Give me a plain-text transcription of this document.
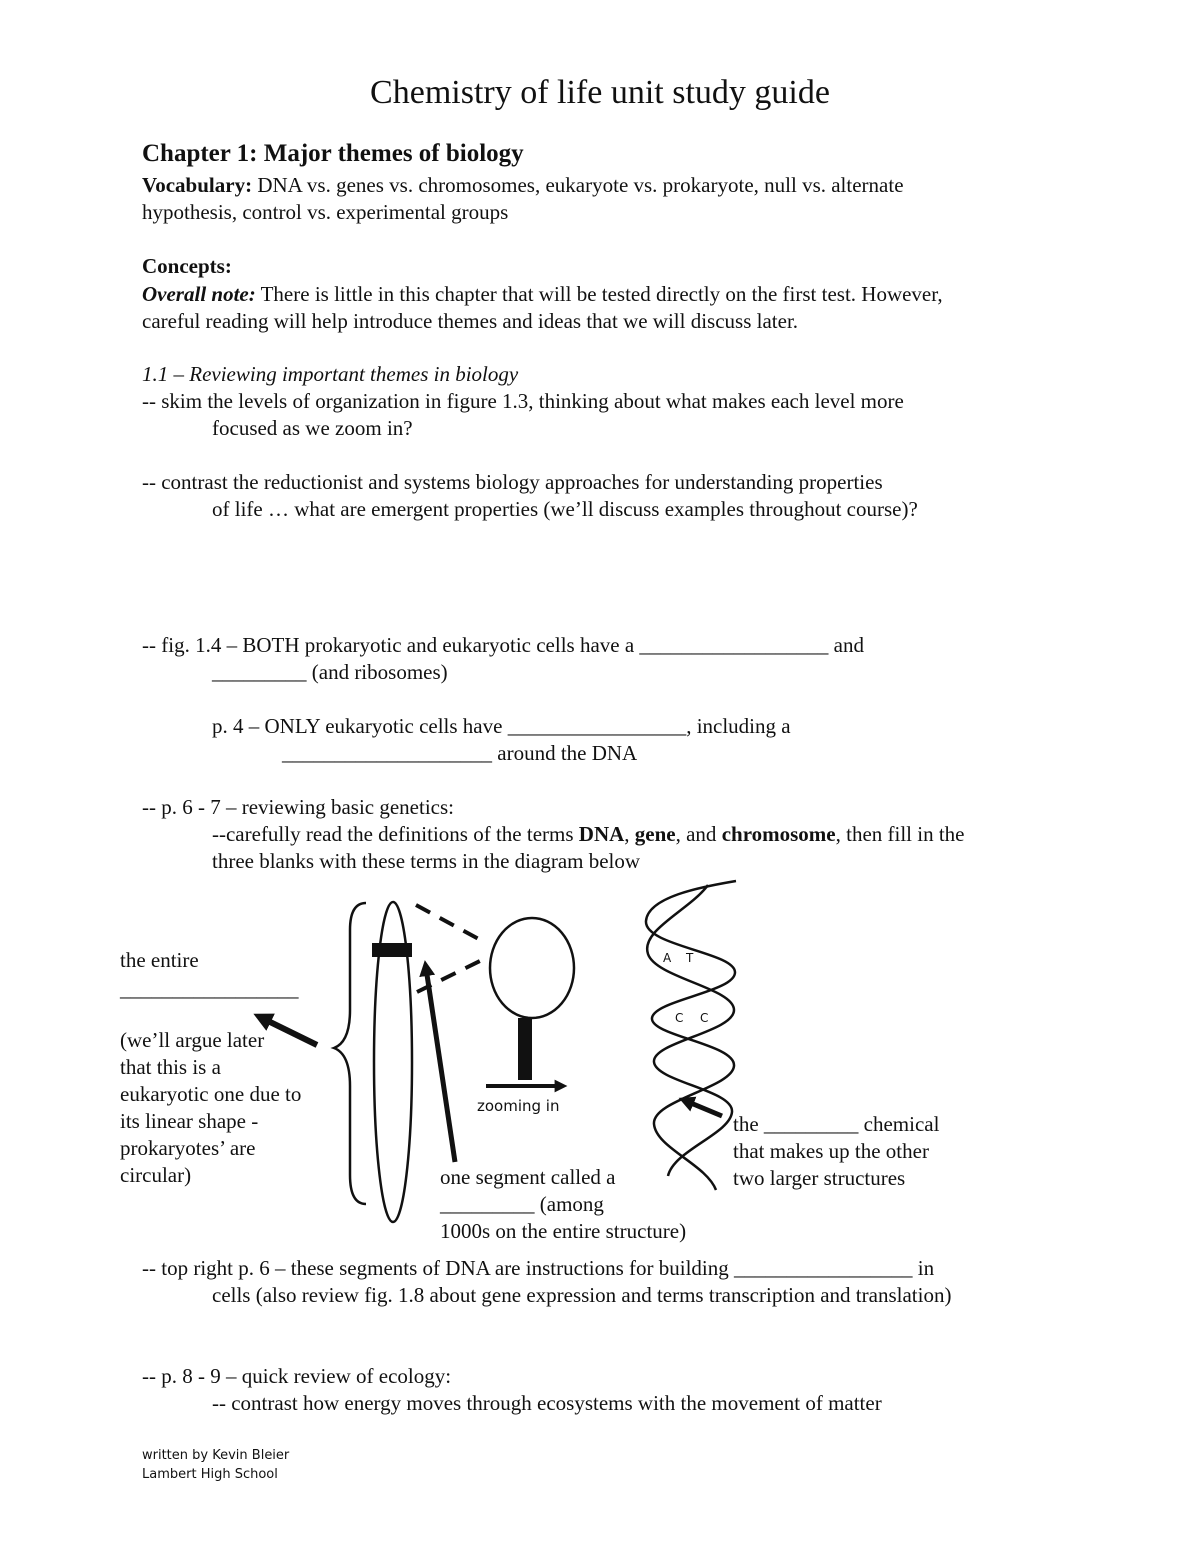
Chemistry of life unit study guide
Chapter 1: Major themes of biology
Vocabulary: DNA vs. genes vs. chromosomes, eukaryote vs. prokaryote, null vs. alternate
hypothesis, control vs. experimental groups
Concepts:
Overall note: There is little in this chapter that will be tested directly on the first test. However,
careful reading will help introduce themes and ideas that we will discuss later.
1.1 – Reviewing important themes in biology
-- skim the levels of organization in figure 1.3, thinking about what makes each level more
focused as we zoom in?
-- contrast the reductionist and systems biology approaches for understanding properties
of life … what are emergent properties (we’ll discuss examples throughout course)?
-- fig. 1.4 – BOTH prokaryotic and eukaryotic cells have a __________________ and
_________ (and ribosomes)
p. 4 – ONLY eukaryotic cells have _________________, including a
____________________ around the DNA
-- p. 6 - 7 – reviewing basic genetics:
--carefully read the definitions of the terms DNA, gene, and chromosome, then fill in the
three blanks with these terms in the diagram below
A T
C C
the entire
_________________
(we’ll argue later
that this is a
eukaryotic one due to
its linear shape -
prokaryotes’ are
circular)
zooming in
one segment called a
_________ (among
1000s on the entire structure)
the _________ chemical
that makes up the other
two larger structures
-- top right p. 6 – these segments of DNA are instructions for building _________________ in
cells (also review fig. 1.8 about gene expression and terms transcription and translation)
-- p. 8 - 9 – quick review of ecology:
-- contrast how energy moves through ecosystems with the movement of matter
written by Kevin Bleier
Lambert High School
